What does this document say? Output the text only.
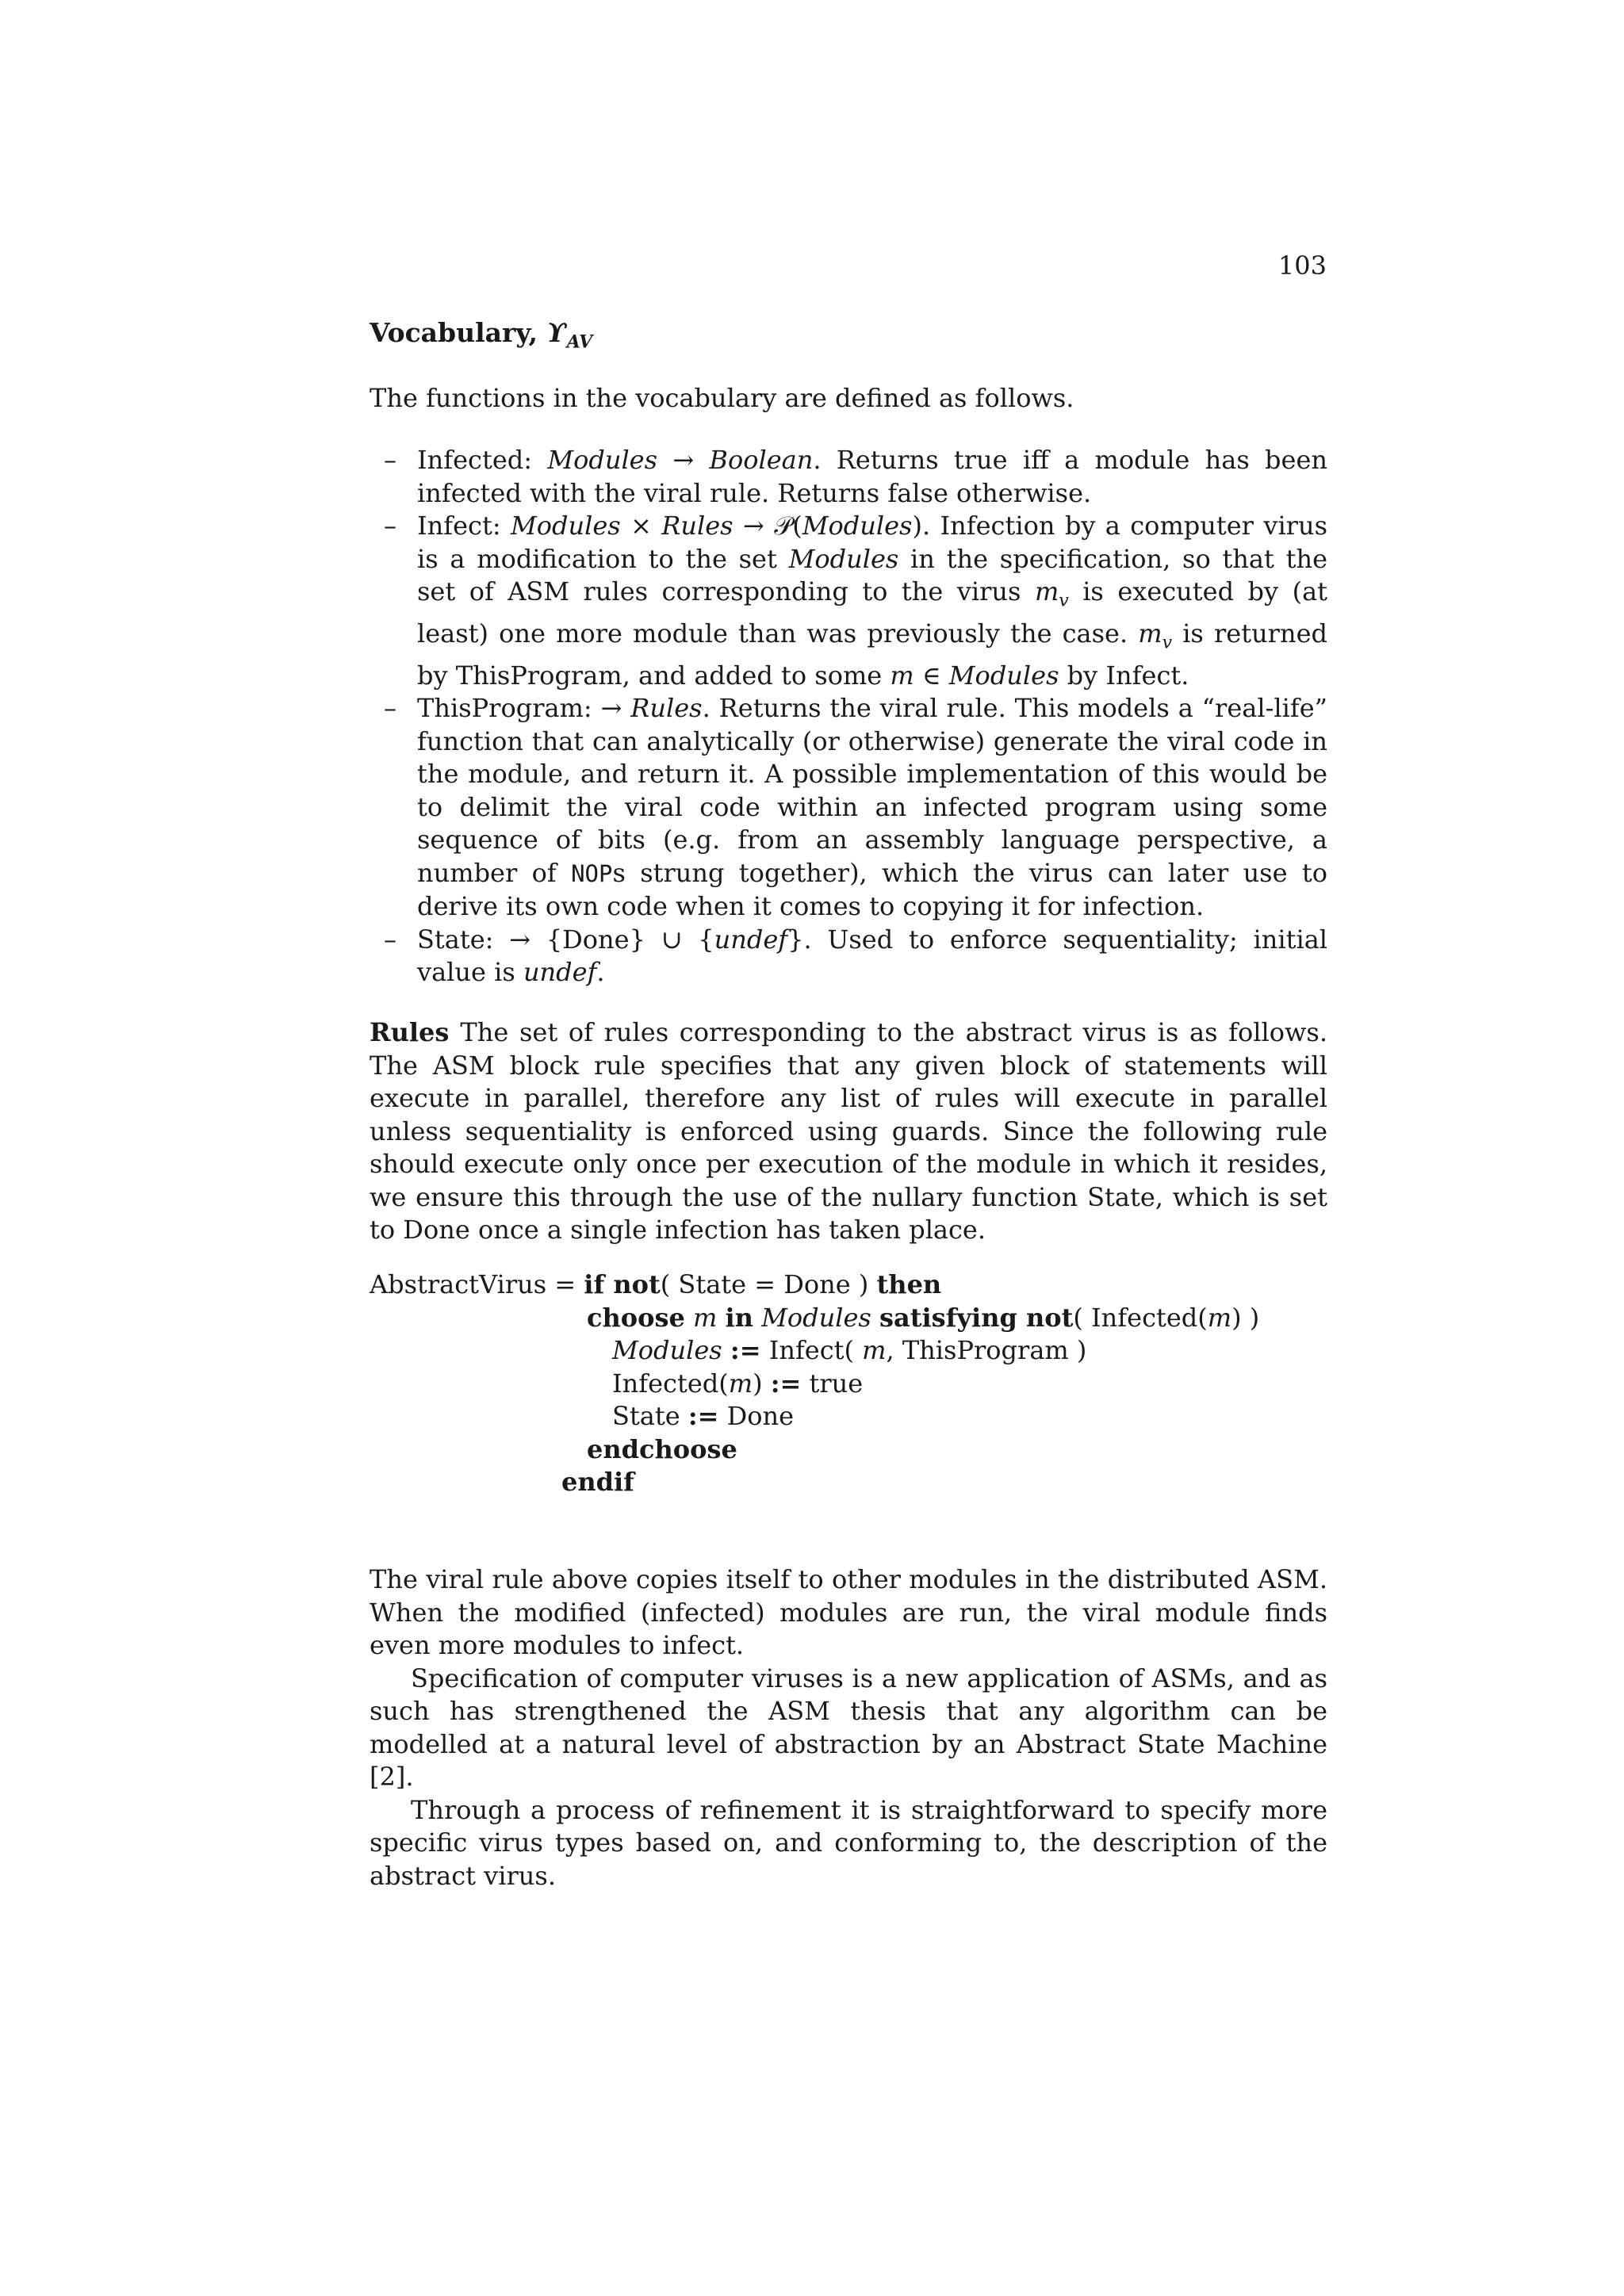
103
Vocabulary, $ϒ_{AV}$
The functions in the vocabulary are defined as follows.
– Infected: Modules → Boolean. Returns true iff a module has been infected with the viral rule. Returns false otherwise.
– Infect: Modules × Rules → 𝒫(Modules). Infection by a computer virus is a modification to the set Modules in the specification, so that the set of ASM rules corresponding to the virus $m_v$ is executed by (at least) one more module than was previously the case. $m_v$ is returned by ThisProgram, and added to some m ∈ Modules by Infect.
– ThisProgram: → Rules. Returns the viral rule. This models a “real-life” function that can analytically (or otherwise) generate the viral code in the module, and return it. A possible implementation of this would be to delimit the viral code within an infected program using some sequence of bits (e.g. from an assembly language perspective, a number of NOPs strung together), which the virus can later use to derive its own code when it comes to copying it for infection.
– State: → {Done} ∪ {undef}. Used to enforce sequentiality; initial value is undef.
Rules The set of rules corresponding to the abstract virus is as follows. The ASM block rule specifies that any given block of statements will execute in parallel, therefore any list of rules will execute in parallel unless sequentiality is enforced using guards. Since the following rule should execute only once per execution of the module in which it resides, we ensure this through the use of the nullary function State, which is set to Done once a single infection has taken place.
AbstractVirus = if not( State = Done ) then
choose m in Modules satisfying not( Infected(m) )
Modules := Infect( m, ThisProgram )
Infected(m) := true
State := Done
endchoose
endif

The viral rule above copies itself to other modules in the distributed ASM. When the modified (infected) modules are run, the viral module finds even more modules to infect.

Specification of computer viruses is a new application of ASMs, and as such has strengthened the ASM thesis that any algorithm can be modelled at a natural level of abstraction by an Abstract State Machine [2].

Through a process of refinement it is straightforward to specify more specific virus types based on, and conforming to, the description of the abstract virus.
